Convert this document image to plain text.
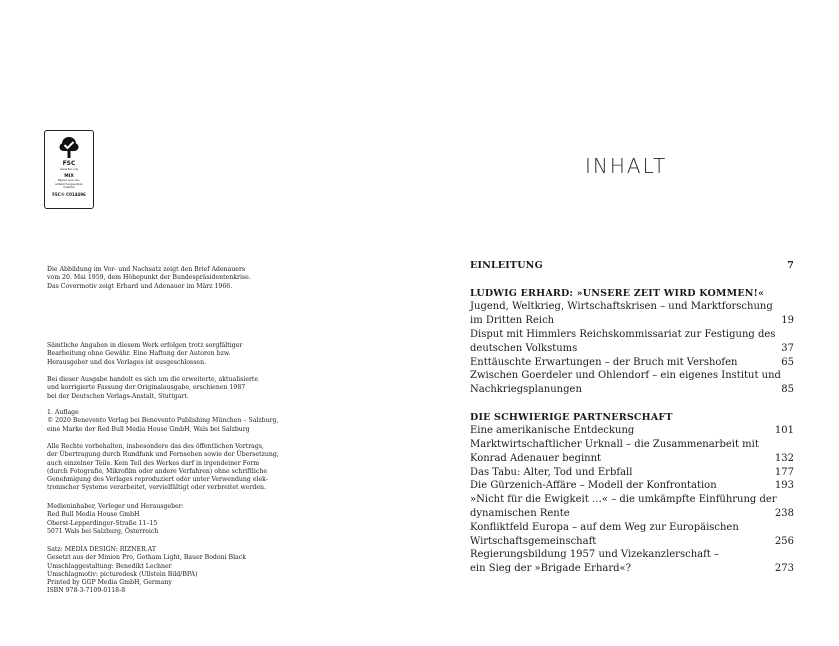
FSC
www.fsc.org
MIX
Papier aus ver-
antwortungsvollen
Quellen
FSC® C014496
Die Abbildung im Vor- und Nachsatz zeigt den Brief Adenauers
vom 20. Mai 1959, dem Höhepunkt der Bundespräsidentenkrise.
Das Covermotiv zeigt Erhard und Adenauer im März 1966.
Sämtliche Angaben in diesem Werk erfolgen trotz sorgfältiger
Bearbeitung ohne Gewähr. Eine Haftung der Autoren bzw.
Herausgeber und des Verlages ist ausgeschlossen.
Bei dieser Ausgabe handelt es sich um die erweiterte, aktualisierte
und korrigierte Fassung der Originalausgabe, erschienen 1987
bei der Deutschen Verlags-Anstalt, Stuttgart.
1. Auflage
© 2020 Benevento Verlag bei Benevento Publishing München – Salzburg,
eine Marke der Red Bull Media House GmbH, Wals bei Salzburg
Alle Rechte vorbehalten, insbesondere das des öffentlichen Vortrags,
der Übertragung durch Rundfunk und Fernsehen sowie der Übersetzung,
auch einzelner Teile. Kein Teil des Werkes darf in irgendeiner Form
(durch Fotografie, Mikrofilm oder andere Verfahren) ohne schriftliche
Genehmigung des Verlages reproduziert oder unter Verwendung elek-
tronischer Systeme verarbeitet, vervielfältigt oder verbreitet werden.
Medieninhaber, Verleger und Herausgeber:
Red Bull Media House GmbH
Oberst-Lepperdinger-Straße 11–15
5071 Wals bei Salzburg, Österreich
Satz: MEDIA DESIGN: RIZNER.AT
Gesetzt aus der Minion Pro, Gotham Light, Bauer Bodoni Black
Umschlaggestaltung: Benedikt Lechner
Umschlagmotiv: picturedesk (Ullstein Bild/BPA)
Printed by GGP Media GmbH, Germany
ISBN 978-3-7109-0118-8
INHALT
EINLEITUNG	7
LUDWIG ERHARD: »UNSERE ZEIT WIRD KOMMEN!«
Jugend, Weltkrieg, Wirtschaftskrisen – und Marktforschung
im Dritten Reich	19
Disput mit Himmlers Reichskommissariat zur Festigung des
deutschen Volkstums	37
Enttäuschte Erwartungen – der Bruch mit Vershofen	65
Zwischen Goerdeler und Ohlendorf – ein eigenes Institut und
Nachkriegsplanungen	85
DIE SCHWIERIGE PARTNERSCHAFT
Eine amerikanische Entdeckung	101
Marktwirtschaftlicher Urknall – die Zusammenarbeit mit
Konrad Adenauer beginnt	132
Das Tabu: Alter, Tod und Erbfall	177
Die Gürzenich-Affäre – Modell der Konfrontation	193
»Nicht für die Ewigkeit …« – die umkämpfte Einführung der
dynamischen Rente	238
Konfliktfeld Europa – auf dem Weg zur Europäischen
Wirtschaftsgemeinschaft	256
Regierungsbildung 1957 und Vizekanzlerschaft –
ein Sieg der »Brigade Erhard«?	273
